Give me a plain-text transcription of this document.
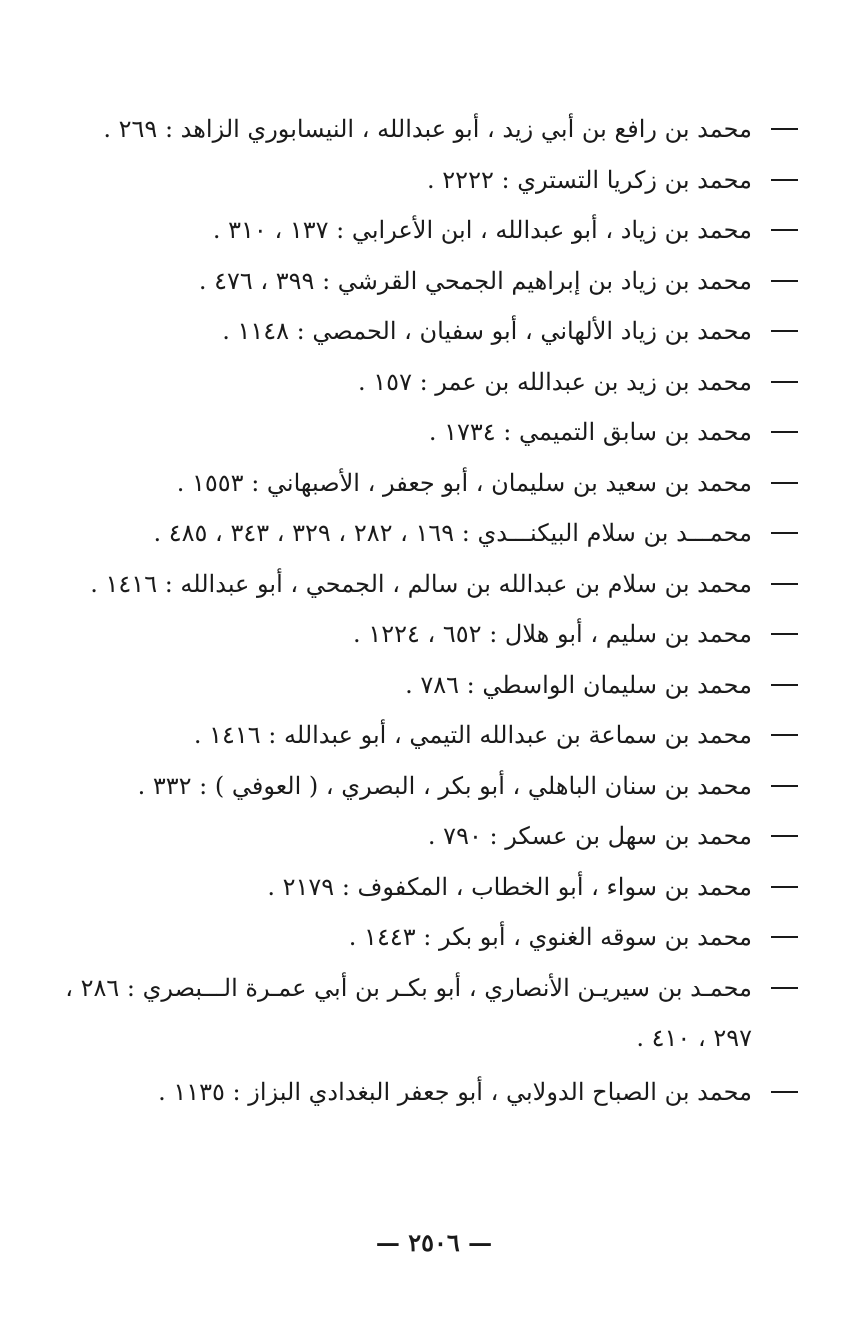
محمد بن رافع بن أبي زيد ، أبو عبدالله ، النيسابوري الزاهد : ٢٦٩ .
محمد بن زكريا التستري : ٢٢٢٢ .
محمد بن زياد ، أبو عبدالله ، ابن الأعرابي : ١٣٧ ، ٣١٠ .
محمد بن زياد بن إبراهيم الجمحي القرشي : ٣٩٩ ، ٤٧٦ .
محمد بن زياد الألهاني ، أبو سفيان ، الحمصي : ١١٤٨ .
محمد بن زيد بن عبدالله بن عمر : ١٥٧ .
محمد بن سابق التميمي : ١٧٣٤ .
محمد بن سعيد بن سليمان ، أبو جعفر ، الأصبهاني : ١٥٥٣ .
محمـــد بن سلام البيكنـــدي : ١٦٩ ، ٢٨٢ ، ٣٢٩ ، ٣٤٣ ، ٤٨٥ .
محمد بن سلام بن عبدالله بن سالم ، الجمحي ، أبو عبدالله : ١٤١٦ .
محمد بن سليم ، أبو هلال : ٦٥٢ ، ١٢٢٤ .
محمد بن سليمان الواسطي : ٧٨٦ .
محمد بن سماعة بن عبدالله التيمي ، أبو عبدالله : ١٤١٦ .
محمد بن سنان الباهلي ، أبو بكر ، البصري ، ( العوفي ) : ٣٣٢ .
محمد بن سهل بن عسكر : ٧٩٠ .
محمد بن سواء ، أبو الخطاب ، المكفوف : ٢١٧٩ .
محمد بن سوقه الغنوي ، أبو بكر : ١٤٤٣ .
محمـد بن سيريـن الأنصاري ، أبو بكـر بن أبي عمـرة الـــبصري : ٢٨٦ ، ٢٩٧ ، ٤١٠ .
محمد بن الصباح الدولابي ، أبو جعفر البغدادي البزاز : ١١٣٥ .
— ٢٥٠٦ —
